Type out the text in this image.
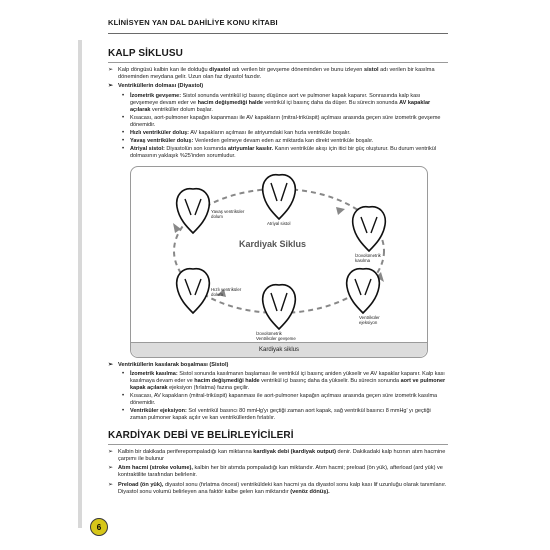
KLİNİSYEN YAN DAL DAHİLİYE KONU KİTABI
KALP SİKLUSU
➢ Kalp döngüsü kalbin kan ile dolduğu diyastol adı verilen bir gevşeme döneminden ve bunu izleyen sistol adı verilen bir kasılma döneminden meydana gelir. Uzun olan faz diyastol fazıdır.
➢ Ventriküllerin dolması (Diyastol)
• İzometrik gevşeme: Sistol sonunda ventrikül içi basınç düşünce aort ve pulmoner kapak kapanır. Sonrasında kalp kası gevşemeye devam eder ve hacim değişmediği halde ventrikül içi basınç daha da düşer. Bu sürecin sonunda AV kapaklar açılarak ventriküller dolum başlar.
• Kısacası, aort-pulmoner kapağın kapanması ile AV kapakların (mitral-triküspit) açılması arasında geçen süre izometrik gevşeme dönemidir.
• Hızlı ventriküler doluş: AV kapakların açılması ile atriyumdaki kan hızla ventriküle boşalır.
• Yavaş ventriküler doluş: Venlerden gelmeye devam eden az miktarda kan direkt ventriküle boşalır.
• Atriyal sistol: Diyastolün son kısmında atriyumlar kasılır. Kanın ventriküle akışı için itici bir güç oluşturur. Bu durum ventrikül dolmasının yaklaşık %25'inden sorumludur.
Kardiyak Siklus
Atriyal sistol
İzovolümetrik
kasılma
Ventriküler
ejeksiyon
İzovolümetrik
Ventriküler gevşeme
Hızlı ventriküler
dolum
Yavaş ventriküler
dolum
Kardiyak siklus
➢ Ventriküllerin kasılarak boşalması (Sistol)
• İzometrik kasılma: Sistol sonunda kasılmanın başlaması ile ventrikül içi basınç aniden yükselir ve AV kapaklar kapanır. Kalp kası kasılmaya devam eder ve hacim değişmediği halde ventrikül içi basınç daha da yükselir. Bu sürecin sonunda aort ve pulmoner kapak açılarak ejeksiyon (fırlatma) fazına geçilir.
• Kısacası, AV kapakların (mitral-triküspit) kapanması ile aort-pulmoner kapağın açılması arasında geçen süre izometrik kasılma dönemidir.
• Ventriküler ejeksiyon: Sol ventrikül basıncı 80 mmHg'yı geçtiği zaman aort kapak, sağ ventrikül basıncı 8 mmHg' yı geçtiği zaman pulmoner kapak açılır ve kan ventriküllerden fırlatılır.
KARDİYAK DEBİ VE BELİRLEYİCİLERİ
➢ Kalbin bir dakikada periferepompaladığı kan miktarına kardiyak debi (kardiyak output) denir. Dakikadaki kalp hızının atım hacmine çarpımı ile bulunur
➢ Atım hacmi (stroke volume), kalbin her bir atımda pompaladığı kan miktarıdır. Atım hacmi; preload (ön yük), afterload (ard yük) ve kontraktilite tarafından belirlenir.
➢ Preload (ön yük), diyastol sonu (fırlatma öncesi) ventriküldeki kan hacmi ya da diyastol sonu kalp kası lif uzunluğu olarak tanımlanır. Diyastol sonu volumü belirleyen ana faktör kalbe gelen kan miktarıdır (venöz dönüş).
6
